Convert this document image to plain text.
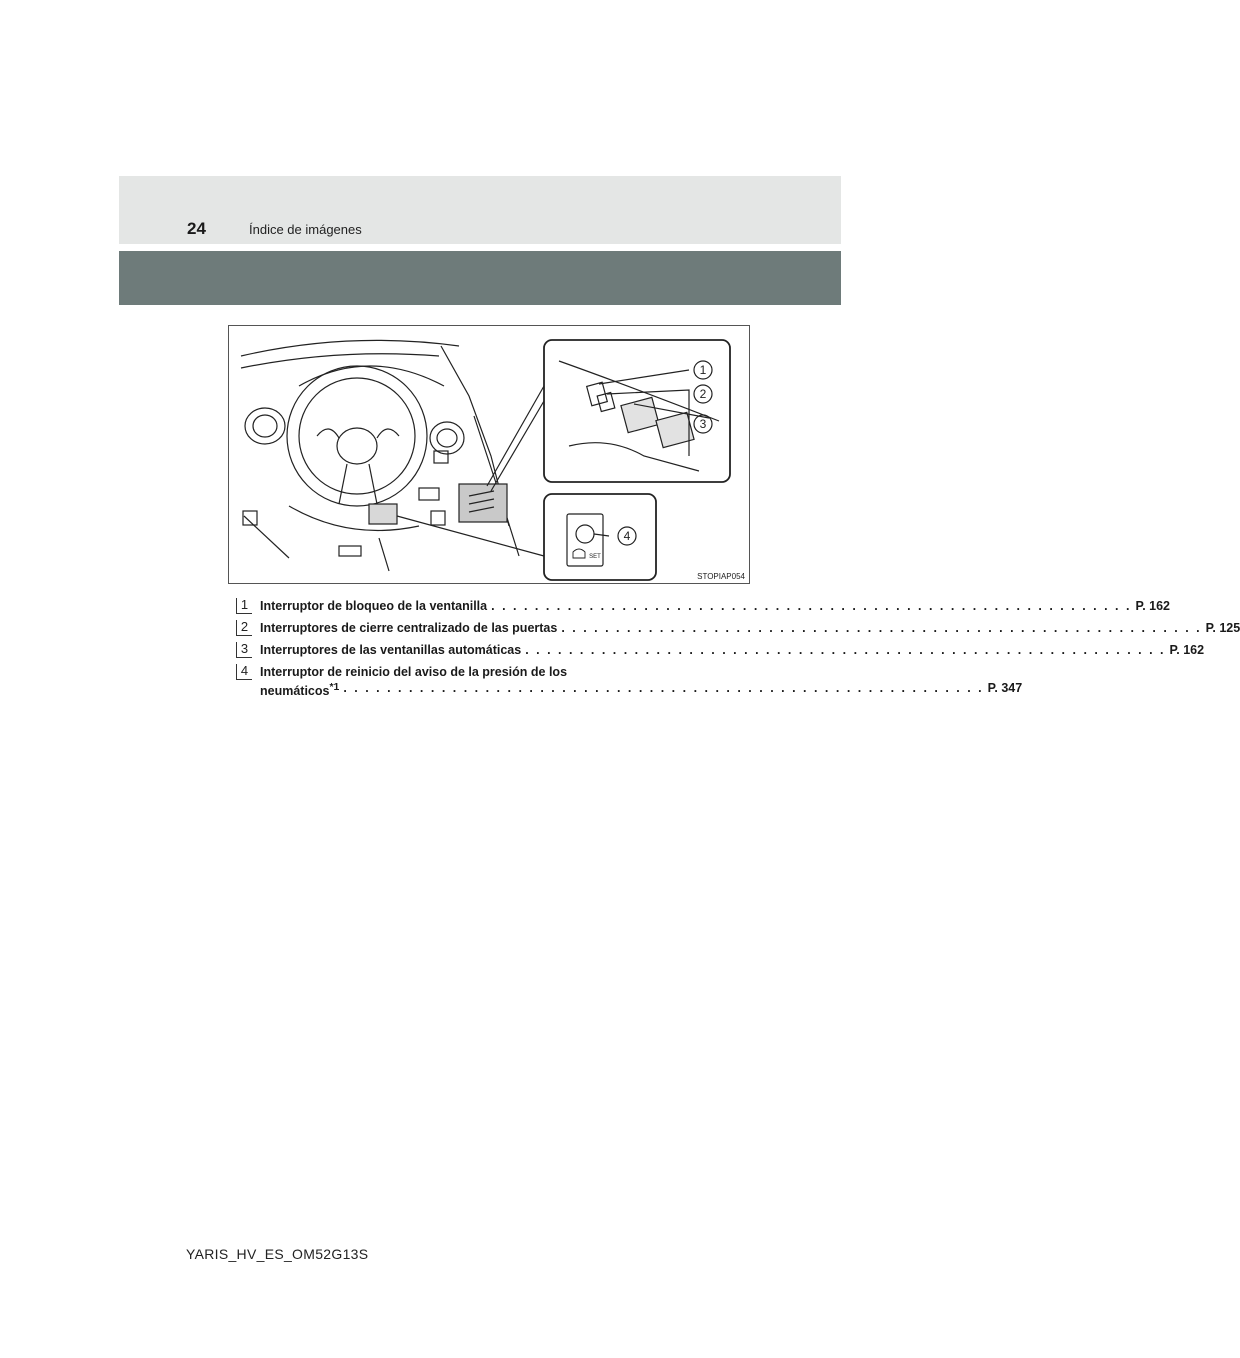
24	Índice de imágenes
1
2
3
4
SET
STOPIAP054
1 Interruptor de bloqueo de la ventanilla . . .	P. 162
2 Interruptores de cierre centralizado de las puertas . . .	P. 125
3 Interruptores de las ventanillas automáticas . . .	P. 162
4 Interruptor de reinicio del aviso de la presión de los
neumáticos$^{*1}$ . . .	P. 347
YARIS_HV_ES_OM52G13S
